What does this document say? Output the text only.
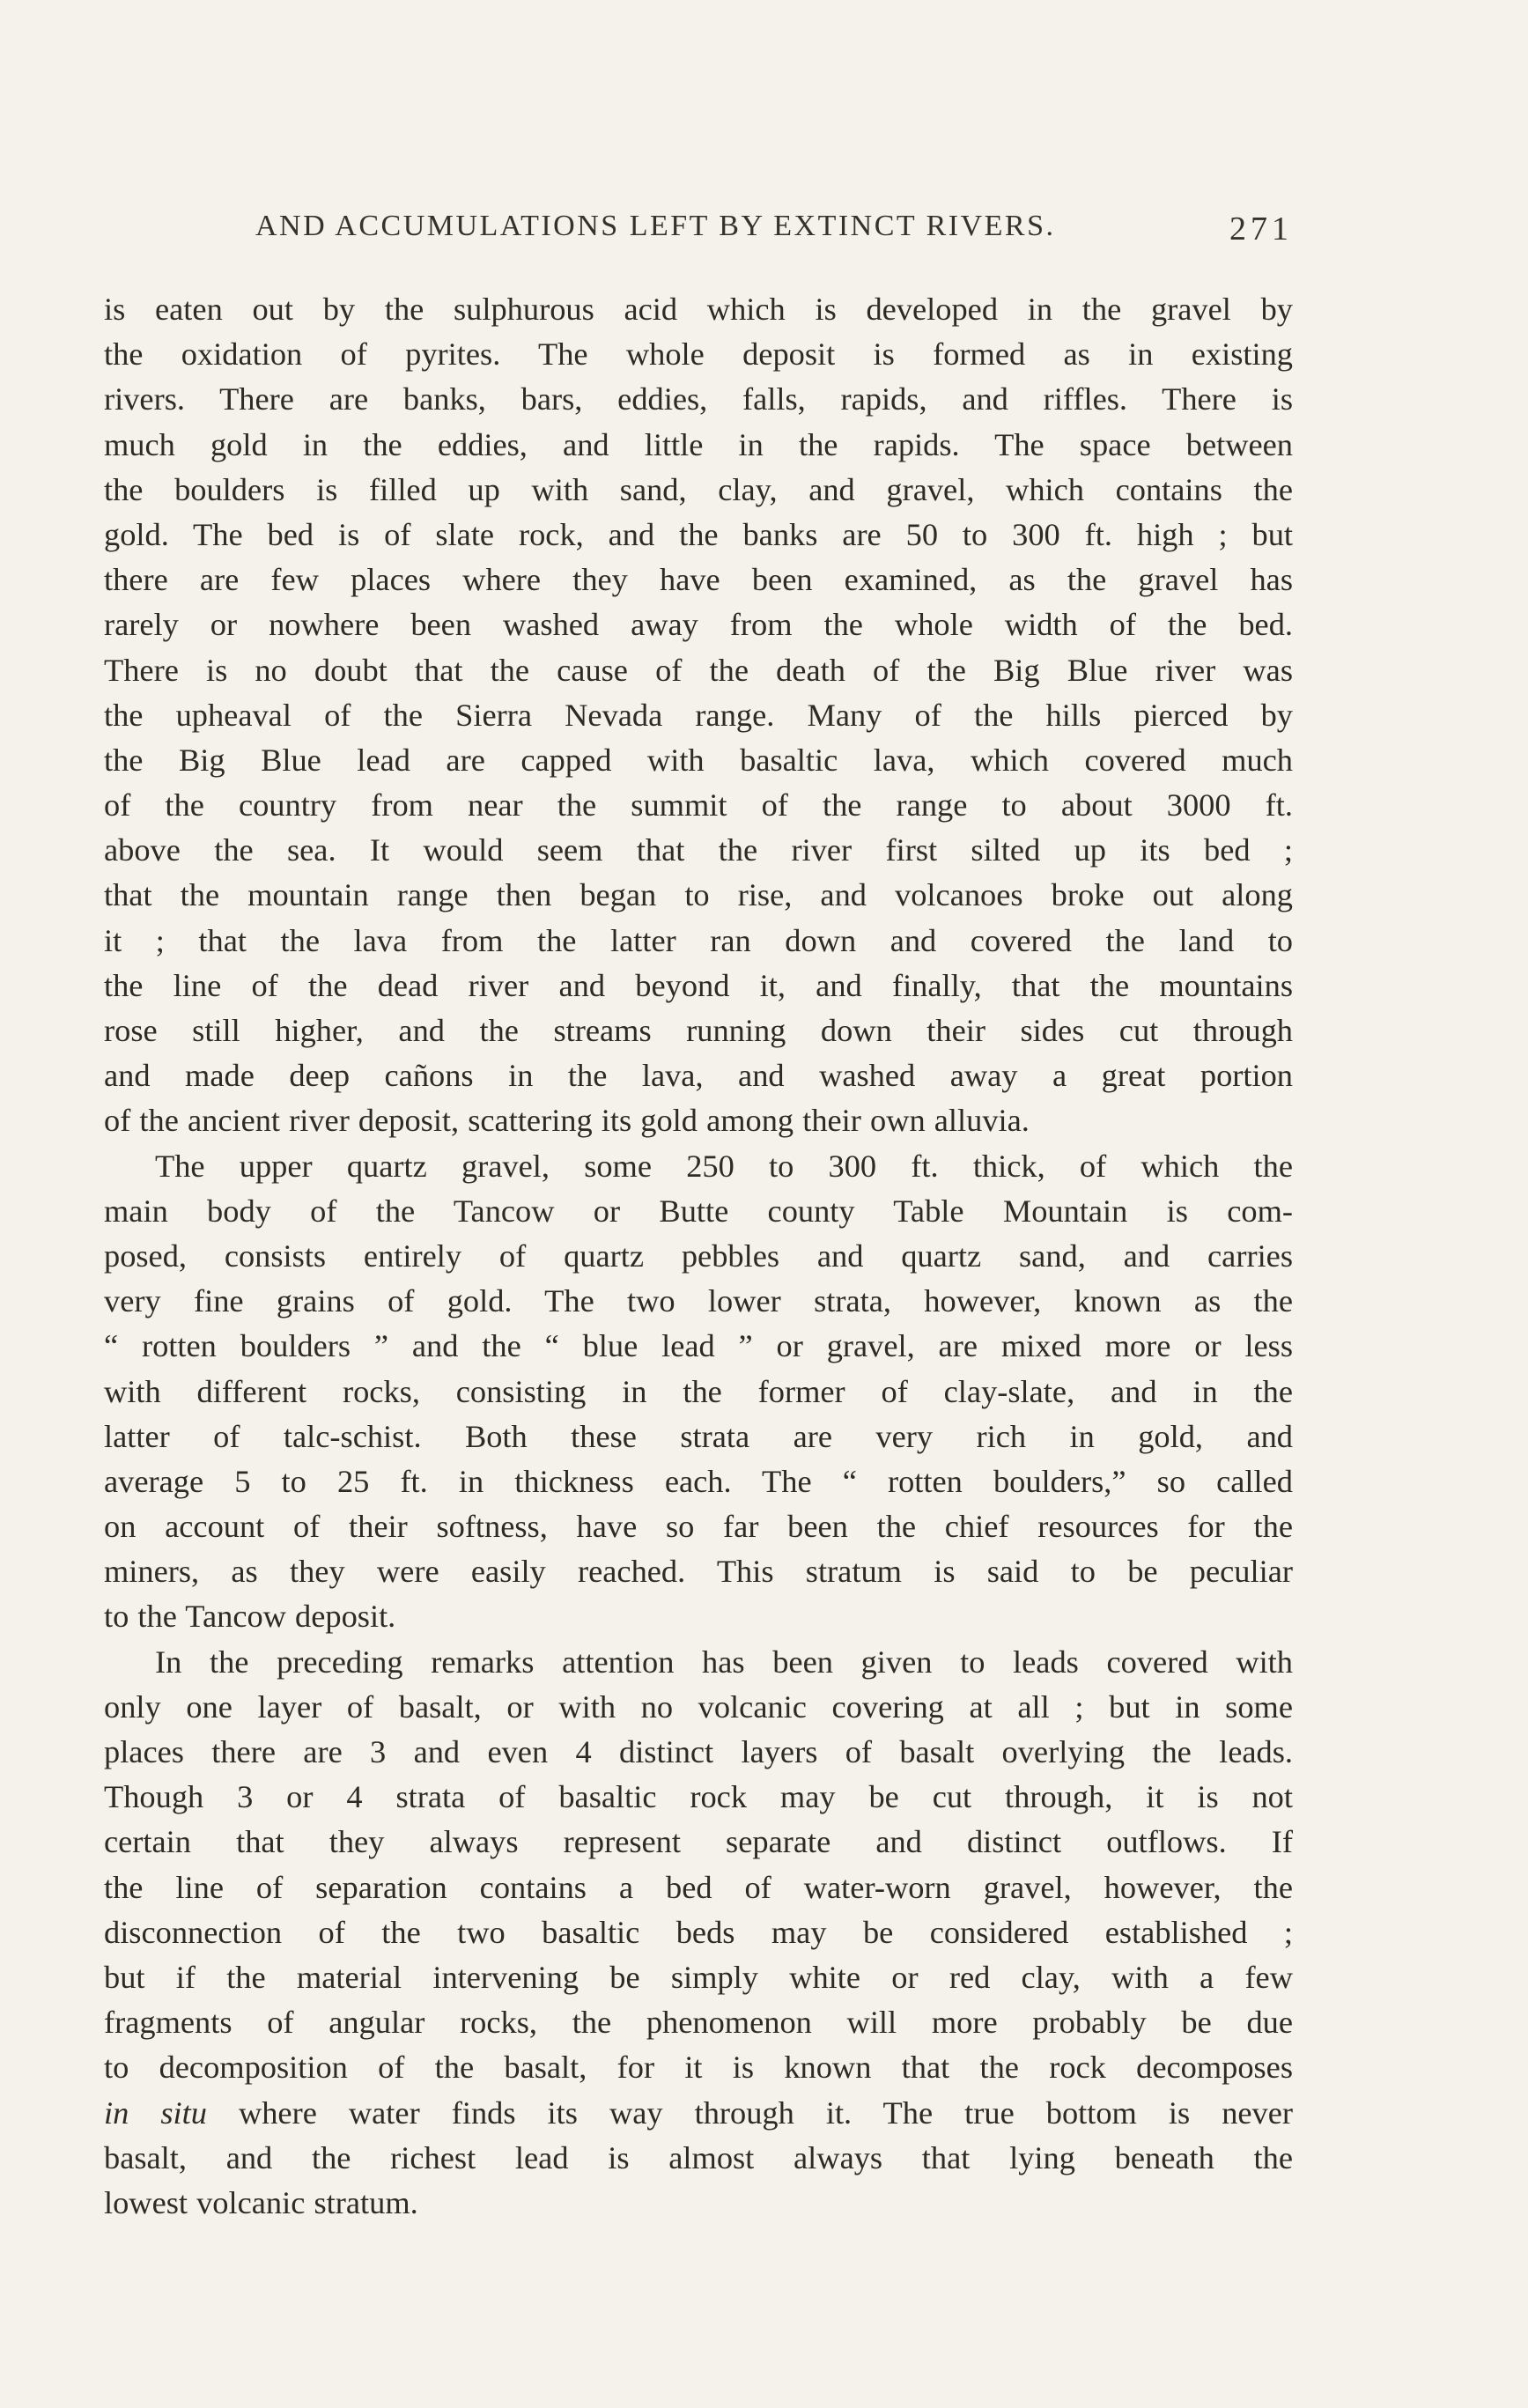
AND ACCUMULATIONS LEFT BY EXTINCT RIVERS.	271
is eaten out by the sulphurous acid which is developed in the gravel by
the oxidation of pyrites. The whole deposit is formed as in existing
rivers. There are banks, bars, eddies, falls, rapids, and riffles. There is
much gold in the eddies, and little in the rapids. The space between
the boulders is filled up with sand, clay, and gravel, which contains the
gold. The bed is of slate rock, and the banks are 50 to 300 ft. high ; but
there are few places where they have been examined, as the gravel has
rarely or nowhere been washed away from the whole width of the bed.
There is no doubt that the cause of the death of the Big Blue river was
the upheaval of the Sierra Nevada range. Many of the hills pierced by
the Big Blue lead are capped with basaltic lava, which covered much
of the country from near the summit of the range to about 3000 ft.
above the sea. It would seem that the river first silted up its bed ;
that the mountain range then began to rise, and volcanoes broke out along
it ; that the lava from the latter ran down and covered the land to
the line of the dead river and beyond it, and finally, that the mountains
rose still higher, and the streams running down their sides cut through
and made deep cañons in the lava, and washed away a great portion
of the ancient river deposit, scattering its gold among their own alluvia.
The upper quartz gravel, some 250 to 300 ft. thick, of which the
main body of the Tancow or Butte county Table Mountain is com-
posed, consists entirely of quartz pebbles and quartz sand, and carries
very fine grains of gold. The two lower strata, however, known as the
“ rotten boulders ” and the “ blue lead ” or gravel, are mixed more or less
with different rocks, consisting in the former of clay-slate, and in the
latter of talc-schist. Both these strata are very rich in gold, and
average 5 to 25 ft. in thickness each. The “ rotten boulders,” so called
on account of their softness, have so far been the chief resources for the
miners, as they were easily reached. This stratum is said to be peculiar
to the Tancow deposit.
In the preceding remarks attention has been given to leads covered with
only one layer of basalt, or with no volcanic covering at all ; but in some
places there are 3 and even 4 distinct layers of basalt overlying the leads.
Though 3 or 4 strata of basaltic rock may be cut through, it is not
certain that they always represent separate and distinct outflows. If
the line of separation contains a bed of water-worn gravel, however, the
disconnection of the two basaltic beds may be considered established ;
but if the material intervening be simply white or red clay, with a few
fragments of angular rocks, the phenomenon will more probably be due
to decomposition of the basalt, for it is known that the rock decomposes
in situ where water finds its way through it. The true bottom is never
basalt, and the richest lead is almost always that lying beneath the
lowest volcanic stratum.
